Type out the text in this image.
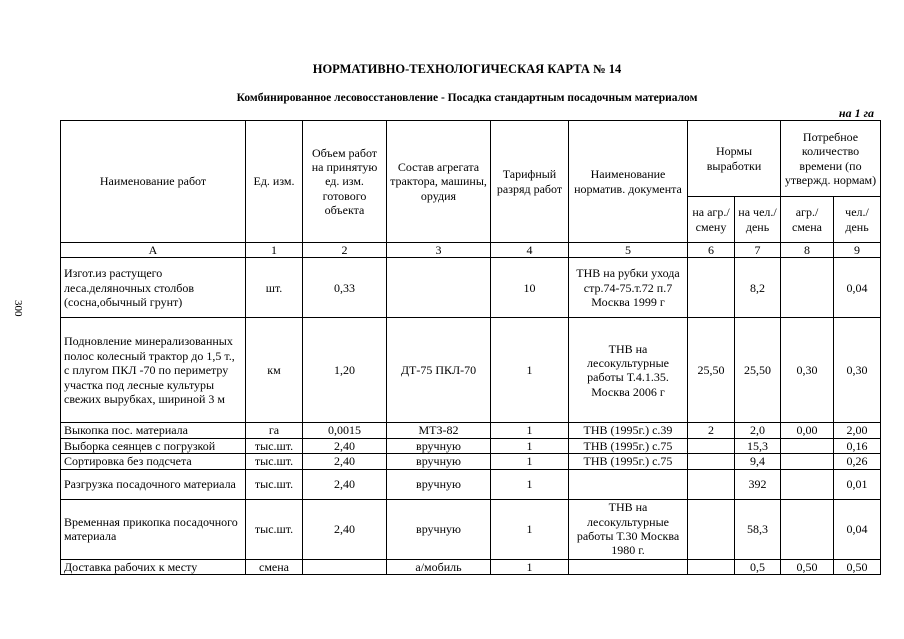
300
НОРМАТИВНО-ТЕХНОЛОГИЧЕСКАЯ КАРТА № 14
Комбинированное лесовосстановление - Посадка стандартным посадочным материалом
на 1 га
Наименование работ	Ед. изм.	Объем работ на принятую ед. изм. готового объекта	Состав агрегата трактора, машины, орудия	Тарифный разряд работ	Наименование норматив. документа	Нормы выработки		Потребное количество времени (по утвержд. нормам)	
						на агр./ смену	на чел./ день	агр./ смена	чел./ день
А	1	2	3	4	5	6	7	8	9
Изгот.из растущего леса.деляночных столбов (сосна,обычный грунт)	шт.	0,33		10	ТНВ на рубки ухода стр.74-75.т.72 п.7 Москва 1999 г		8,2		0,04
Подновление минерализованных полос колесный трактор до 1,5 т., с плугом ПКЛ -70 по периметру участка под лесные культуры свежих вырубках, шириной 3 м	км	1,20	ДТ-75 ПКЛ-70	1	ТНВ на лесокультурные работы Т.4.1.35. Москва 2006 г	25,50	25,50	0,30	0,30
Выкопка пос. материала	га	0,0015	МТЗ-82	1	ТНВ (1995г.) с.39	2	2,0	0,00	2,00
Выборка сеянцев с погрузкой	тыс.шт.	2,40	вручную	1	ТНВ (1995г.) с.75		15,3		0,16
Сортировка без подсчета	тыс.шт.	2,40	вручную	1	ТНВ (1995г.) с.75		9,4		0,26
Разгрузка посадочного материала	тыс.шт.	2,40	вручную	1			392		0,01
Временная прикопка посадочного материала	тыс.шт.	2,40	вручную	1	ТНВ на лесокультурные работы Т.30 Москва 1980 г.		58,3		0,04
Доставка рабочих к месту	смена		а/мобиль	1			0,5	0,50	0,50
